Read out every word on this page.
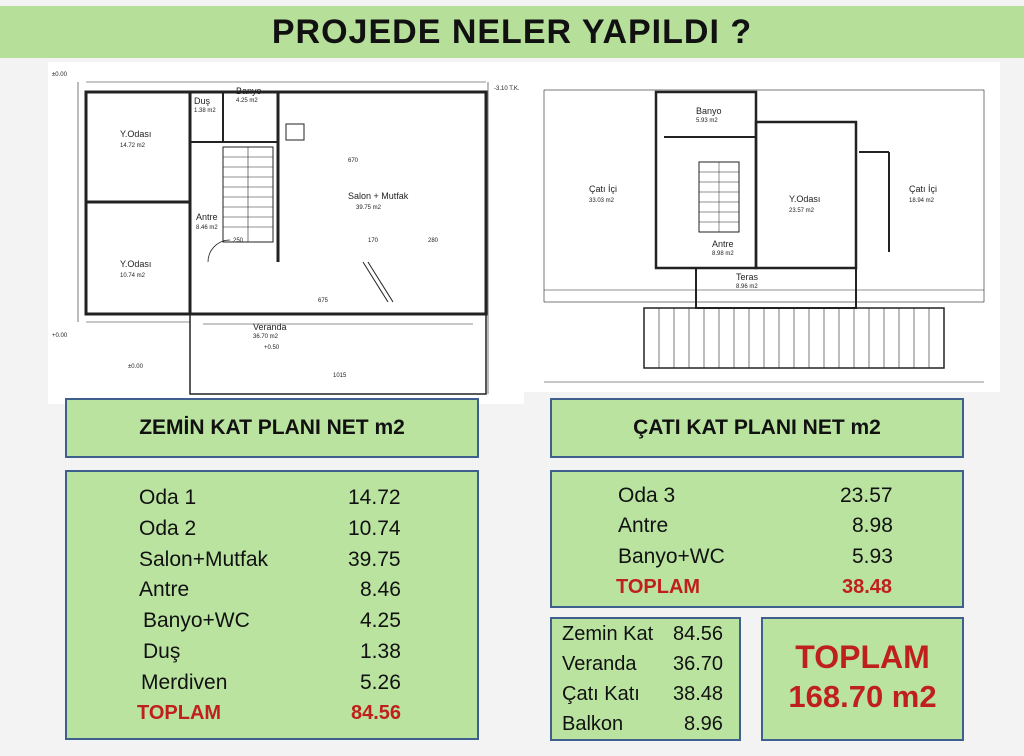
PROJEDE NELER YAPILDI ?
Y.Odası
14.72 m2
Y.Odası
10.74 m2
Salon + Mutfak
39.75 m2
Antre
8.46 m2
Duş
1.38 m2
Banyo
4.25 m2
Veranda
36.70 m2
±0.00
+0.00
-3.10 T.K.
+0.50
±0.00
670
675
1015
250	170	280
Çatı İçi
33.03 m2
Çatı İçi
18.94 m2
Banyo
5.93 m2
Y.Odası
23.57 m2
Antre
8.98 m2
Teras
8.96 m2
ZEMİN KAT PLANI NET m2
Oda 1	14.72
Oda 2	10.74
Salon+Mutfak	39.75
Antre	8.46
Banyo+WC	4.25
Duş	1.38
Merdiven	5.26
TOPLAM	84.56
ÇATI KAT PLANI NET m2
Oda 3	23.57
Antre	8.98
Banyo+WC	5.93
TOPLAM	38.48
Zemin Kat 84.56
Veranda 36.70
Çatı Katı 38.48
Balkon	8.96
TOPLAM
168.70 m2
